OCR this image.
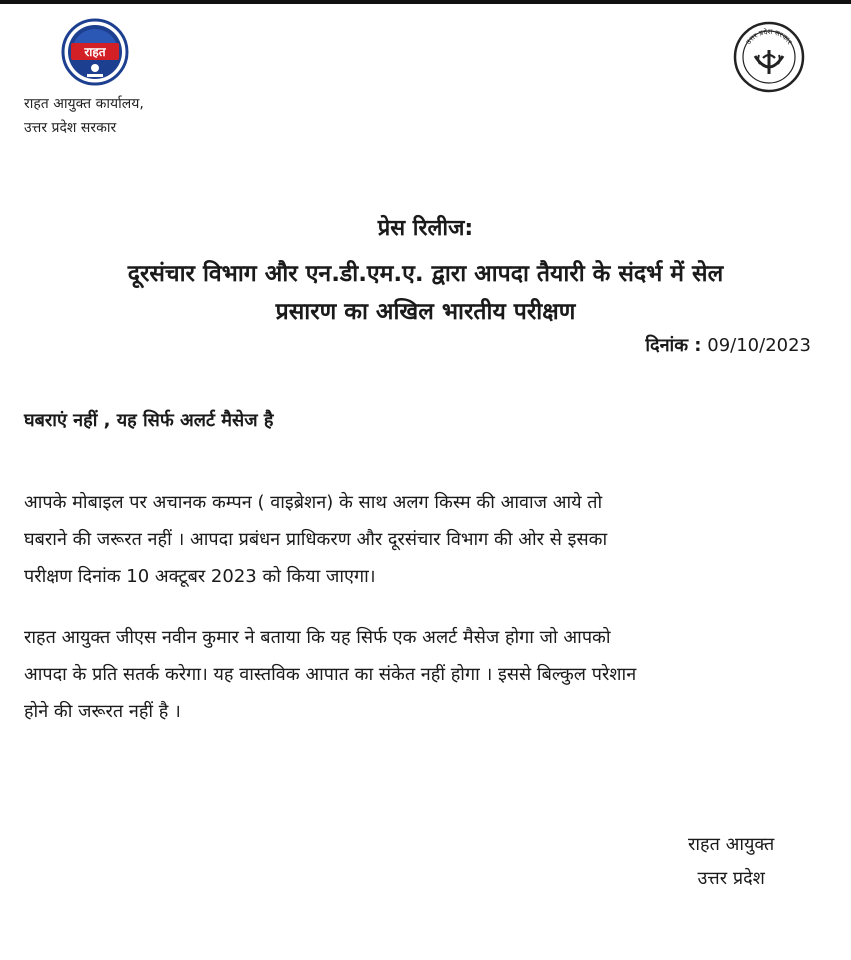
राहत
राहत आयुक्त कार्यालय,
उत्तर प्रदेश सरकार
उत्तर प्रदेश सरकार
प्रेस रिलीज:
दूरसंचार विभाग और एन.डी.एम.ए. द्वारा आपदा तैयारी के संदर्भ में सेल
प्रसारण का अखिल भारतीय परीक्षण
दिनांक : 09/10/2023
घबराएं नहीं , यह सिर्फ अलर्ट मैसेज है
आपके मोबाइल पर अचानक कम्पन ( वाइब्रेशन) के साथ अलग किस्म की आवाज आये तो
घबराने की जरूरत नहीं । आपदा प्रबंधन प्राधिकरण और दूरसंचार विभाग की ओर से इसका
परीक्षण दिनांक 10 अक्टूबर 2023 को किया जाएगा।
राहत आयुक्त जीएस नवीन कुमार ने बताया कि यह सिर्फ एक अलर्ट मैसेज होगा जो आपको
आपदा के प्रति सतर्क करेगा। यह वास्तविक आपात का संकेत नहीं होगा । इससे बिल्कुल परेशान
होने की जरूरत नहीं है ।
राहत आयुक्त
उत्तर प्रदेश
